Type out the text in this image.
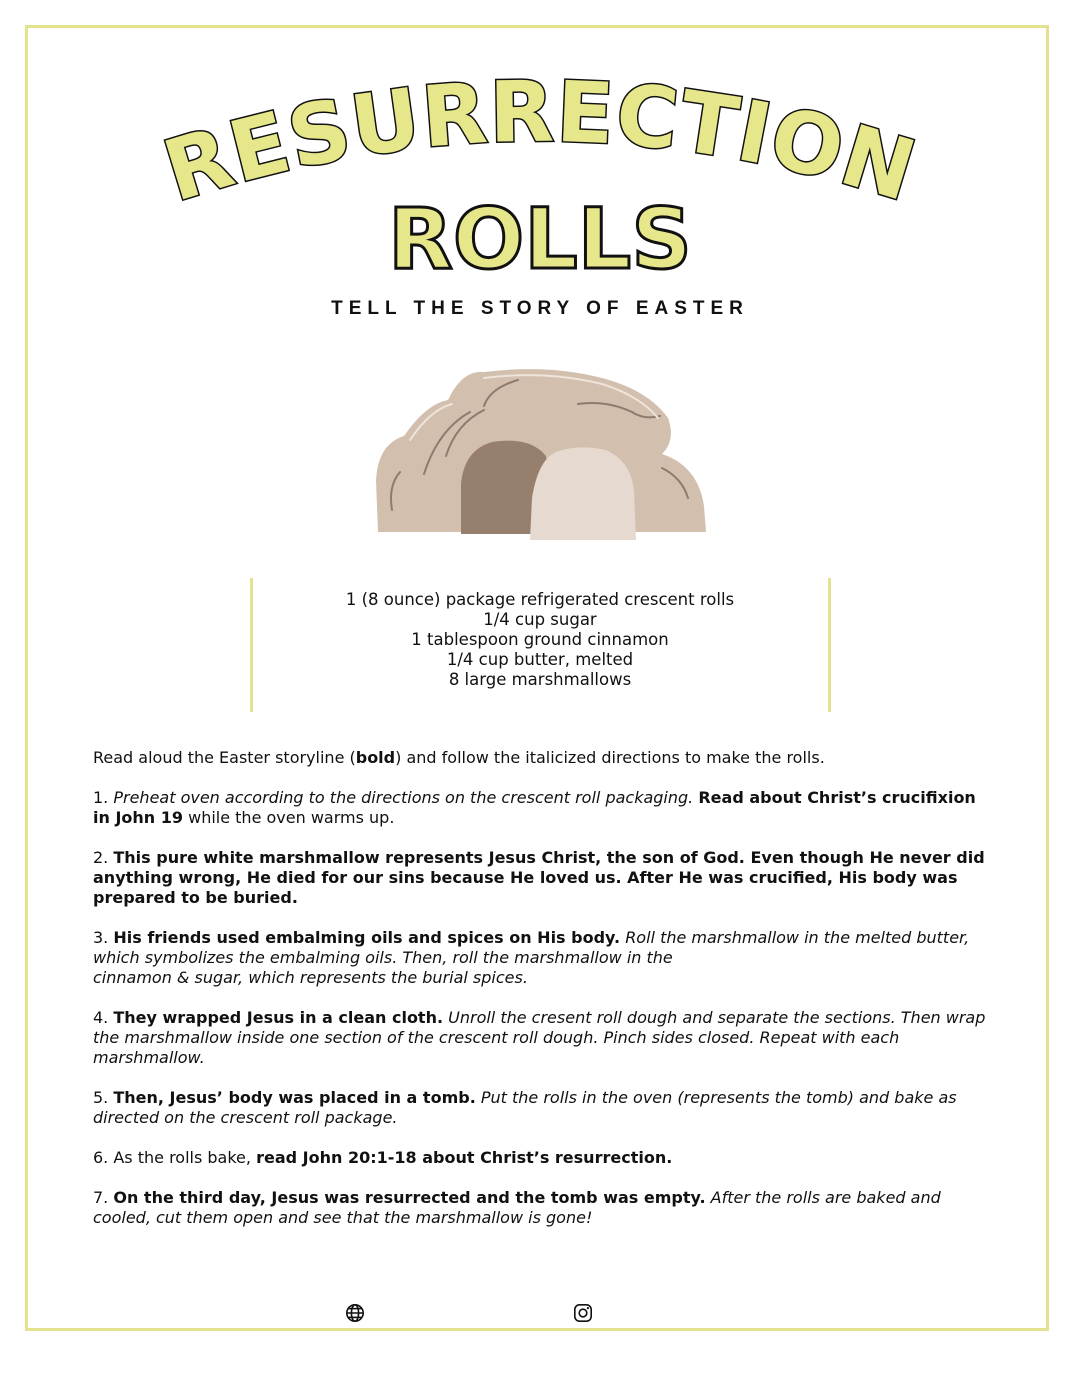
RESURRECTION
ROLLS
TELL THE STORY OF EASTER
1 (8 ounce) package refrigerated crescent rolls
1/4 cup sugar
1 tablespoon ground cinnamon
1/4 cup butter, melted
8 large marshmallows

Read aloud the Easter storyline (bold) and follow the italicized directions to make the rolls.

1. Preheat oven according to the directions on the crescent roll packaging. Read about Christ’s crucifixion in John 19 while the oven warms up.

2. This pure white marshmallow represents Jesus Christ, the son of God. Even though He never did anything wrong, He died for our sins because He loved us. After He was crucified, His body was prepared to be buried.

3. His friends used embalming oils and spices on His body. Roll the marshmallow in the melted butter, which symbolizes the embalming oils. Then, roll the marshmallow in the
cinnamon & sugar, which represents the burial spices.

4. They wrapped Jesus in a clean cloth. Unroll the cresent roll dough and separate the sections. Then wrap the marshmallow inside one section of the crescent roll dough. Pinch sides closed. Repeat with each marshmallow.

5. Then, Jesus’ body was placed in a tomb. Put the rolls in the oven (represents the tomb) and bake as directed on the crescent roll package.

6. As the rolls bake, read John 20:1-18 about Christ’s resurrection.

7. On the third day, Jesus was resurrected and the tomb was empty. After the rolls are baked and cooled, cut them open and see that the marshmallow is gone!
